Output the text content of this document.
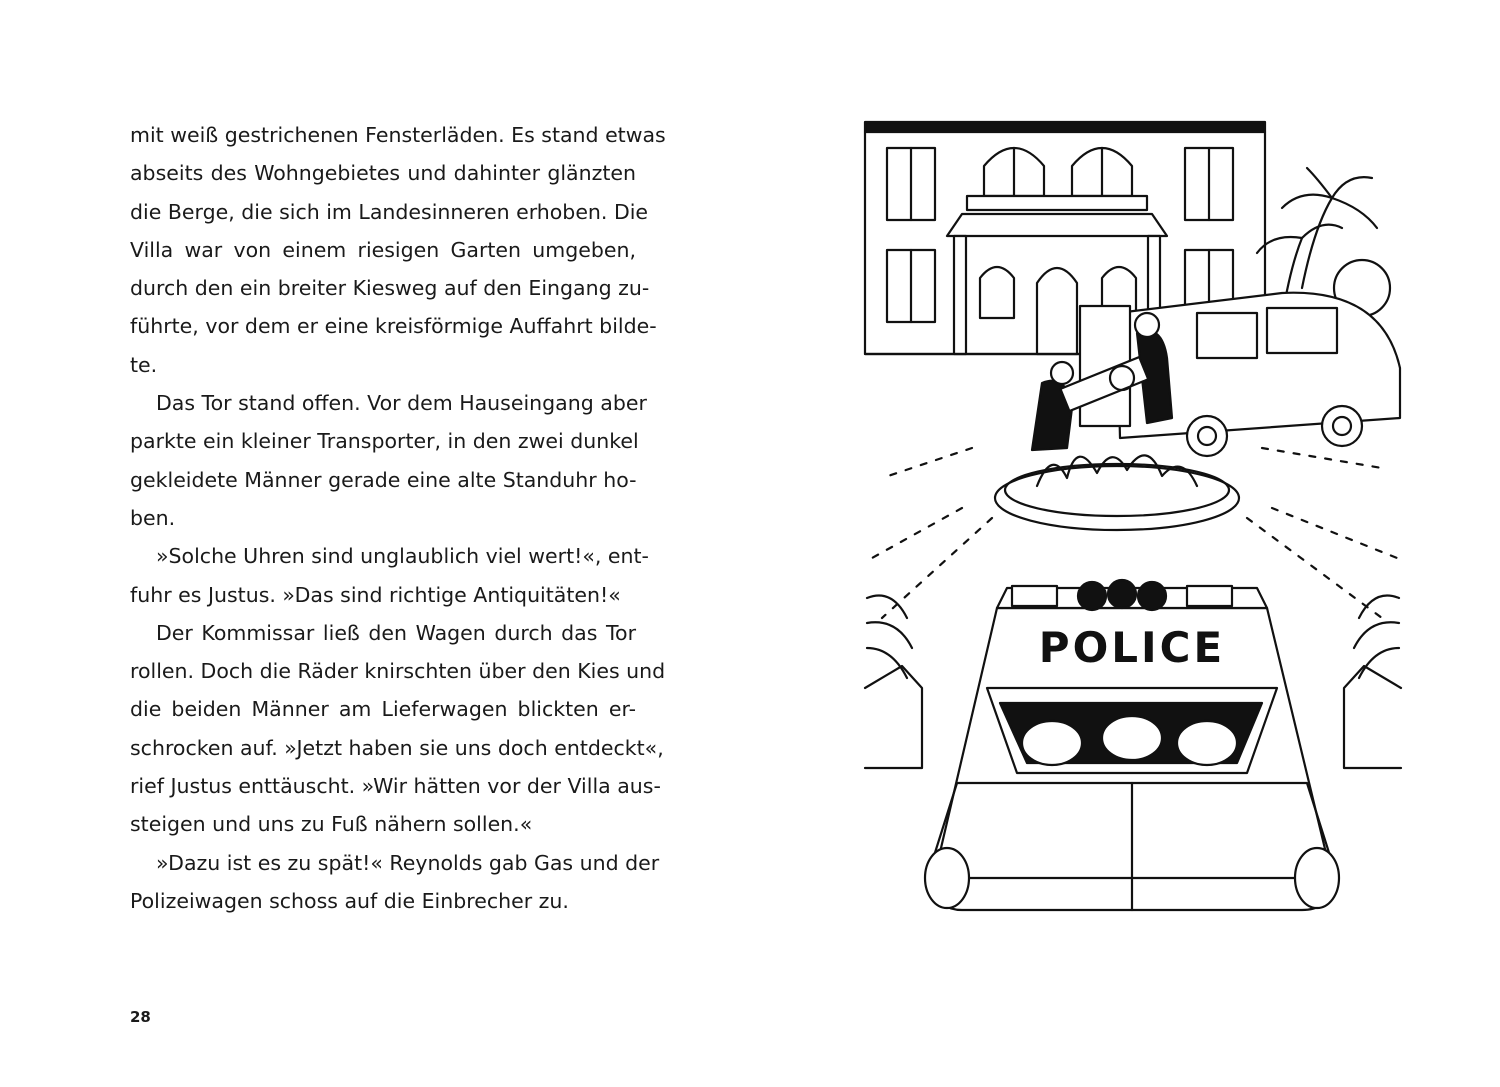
mit weiß gestrichenen Fensterläden. Es stand etwas

abseits des Wohngebietes und dahinter glänzten

die Berge, die sich im Landesinneren erhoben. Die

Villa war von einem riesigen Garten umgeben,

durch den ein breiter Kiesweg auf den Eingang zu-

führte, vor dem er eine kreisförmige Auffahrt bilde-

te.

Das Tor stand offen. Vor dem Hauseingang aber

parkte ein kleiner Transporter, in den zwei dunkel

gekleidete Männer gerade eine alte Standuhr ho-

ben.

»Solche Uhren sind unglaublich viel wert!«, ent-

fuhr es Justus. »Das sind richtige Antiquitäten!«

Der Kommissar ließ den Wagen durch das Tor

rollen. Doch die Räder knirschten über den Kies und

die beiden Männer am Lieferwagen blickten er-

schrocken auf. »Jetzt haben sie uns doch entdeckt«,

rief Justus enttäuscht. »Wir hätten vor der Villa aus-

steigen und uns zu Fuß nähern sollen.«

»Dazu ist es zu spät!« Reynolds gab Gas und der

Polizeiwagen schoss auf die Einbrecher zu.

28
POLICE
